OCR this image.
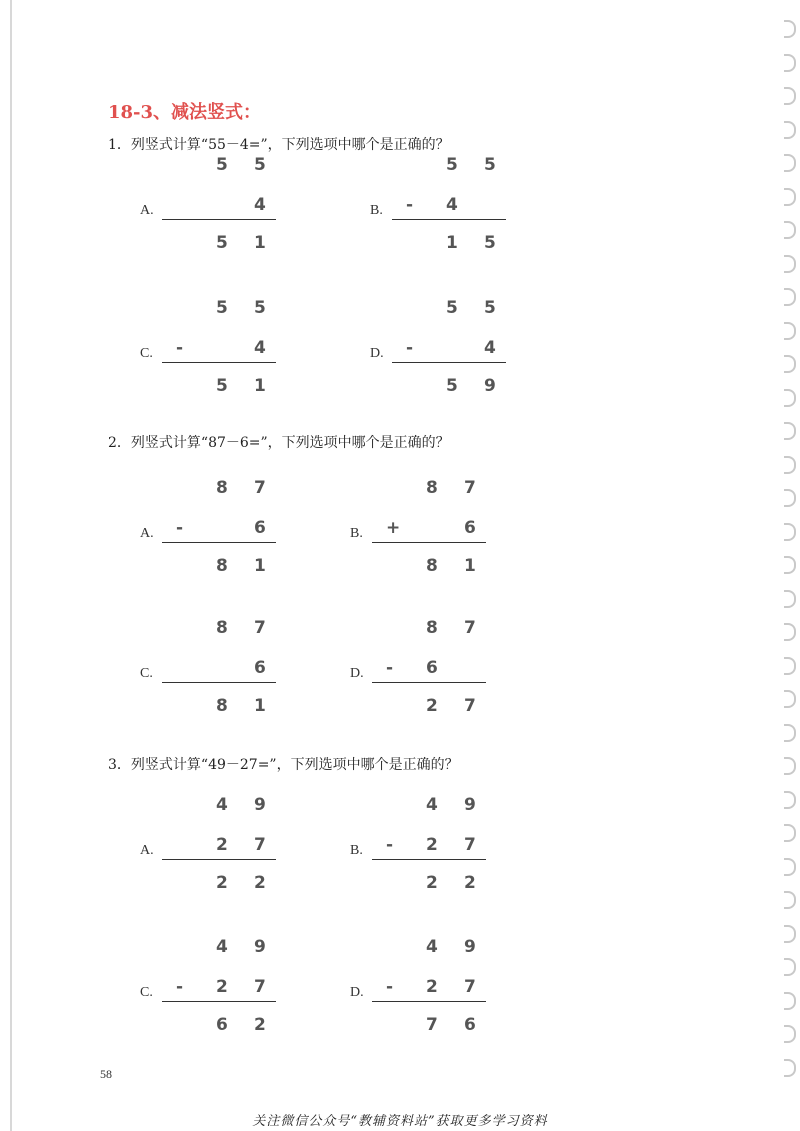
18-3、减法竖式：
1．列竖式计算“55－4=”，下列选项中哪个是正确的？
2．列竖式计算“87－6=”，下列选项中哪个是正确的？
3．列竖式计算“49－27=”，下列选项中哪个是正确的？
A.
5 5
4
5 1
B.
5 5
- 4
1 5
C.
5 5
-	4
5 1
D.
5 5
-	4
5 9
A.
8 7
-	6
8 1
B.
8 7
+	6
8 1
C.
8 7
6
8 1
D.
8 7
- 6
2 7
A.
4 9
2 7
2 2
B.
4 9
- 2 7
2 2
C.
4 9
- 2 7
6 2
D.
4 9
- 2 7
7 6
58
关注微信公众号“教辅资料站”获取更多学习资料
